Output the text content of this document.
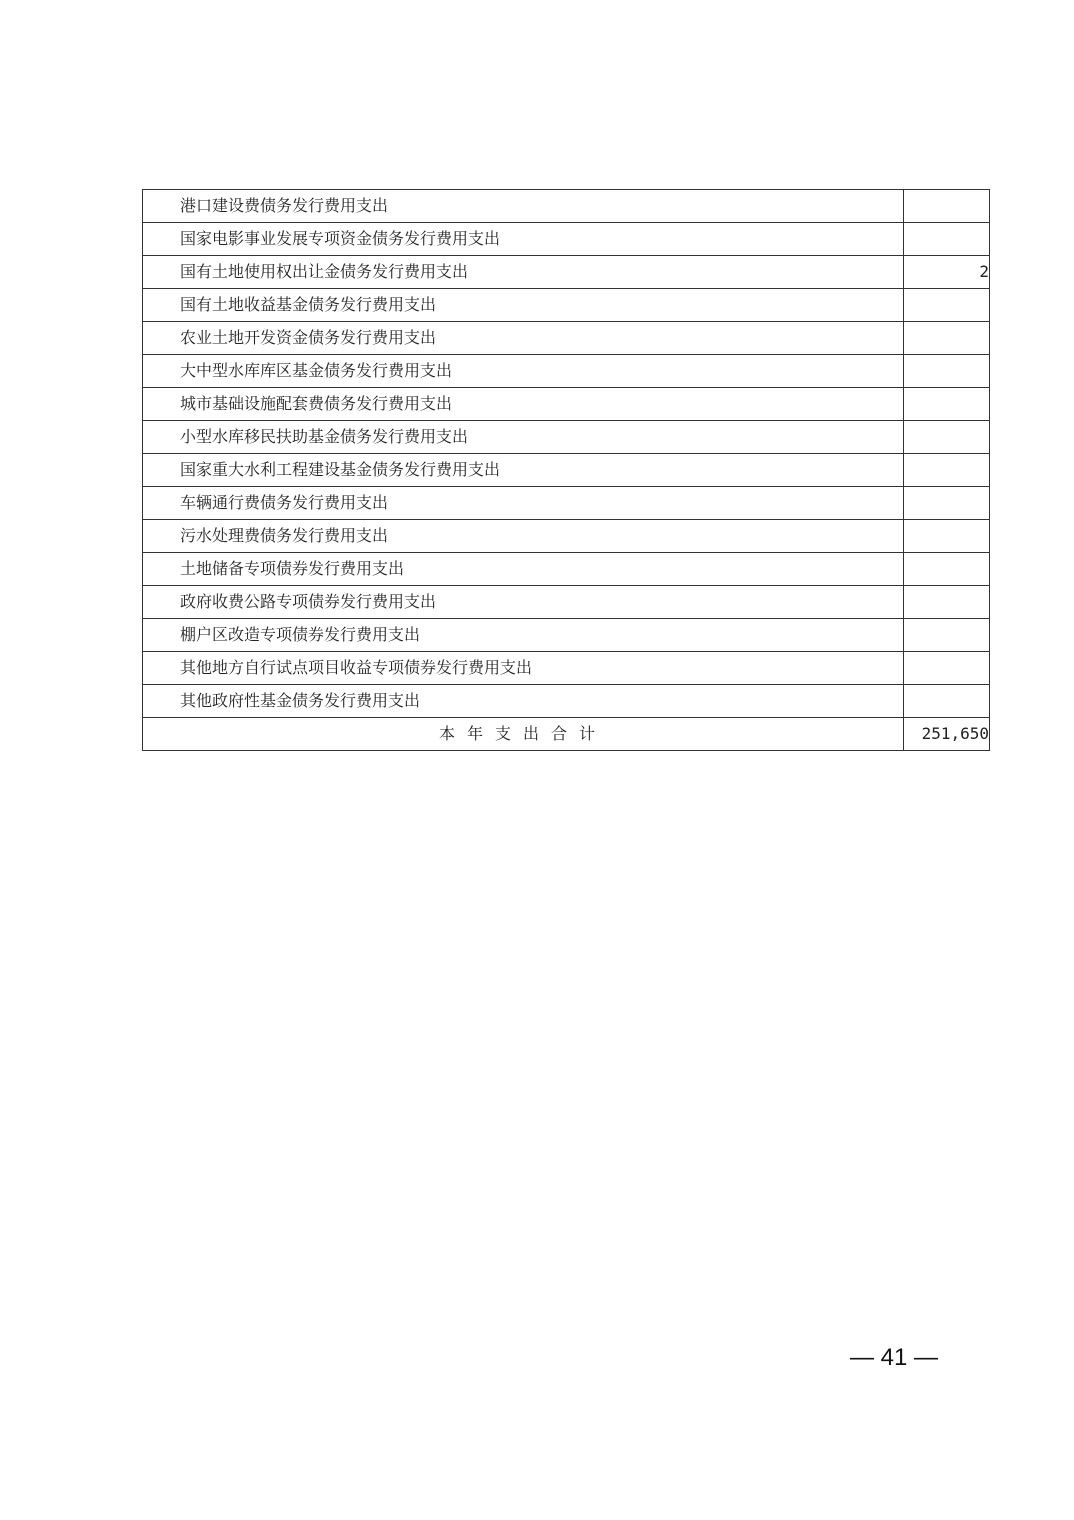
港口建设费债务发行费用支出	
国家电影事业发展专项资金债务发行费用支出	
国有土地使用权出让金债务发行费用支出	2
国有土地收益基金债务发行费用支出	
农业土地开发资金债务发行费用支出	
大中型水库库区基金债务发行费用支出	
城市基础设施配套费债务发行费用支出	
小型水库移民扶助基金债务发行费用支出	
国家重大水利工程建设基金债务发行费用支出	
车辆通行费债务发行费用支出	
污水处理费债务发行费用支出	
土地储备专项债券发行费用支出	
政府收费公路专项债券发行费用支出	
棚户区改造专项债券发行费用支出	
其他地方自行试点项目收益专项债券发行费用支出	
其他政府性基金债务发行费用支出	
本年支出合计	251,650
— 41 —
